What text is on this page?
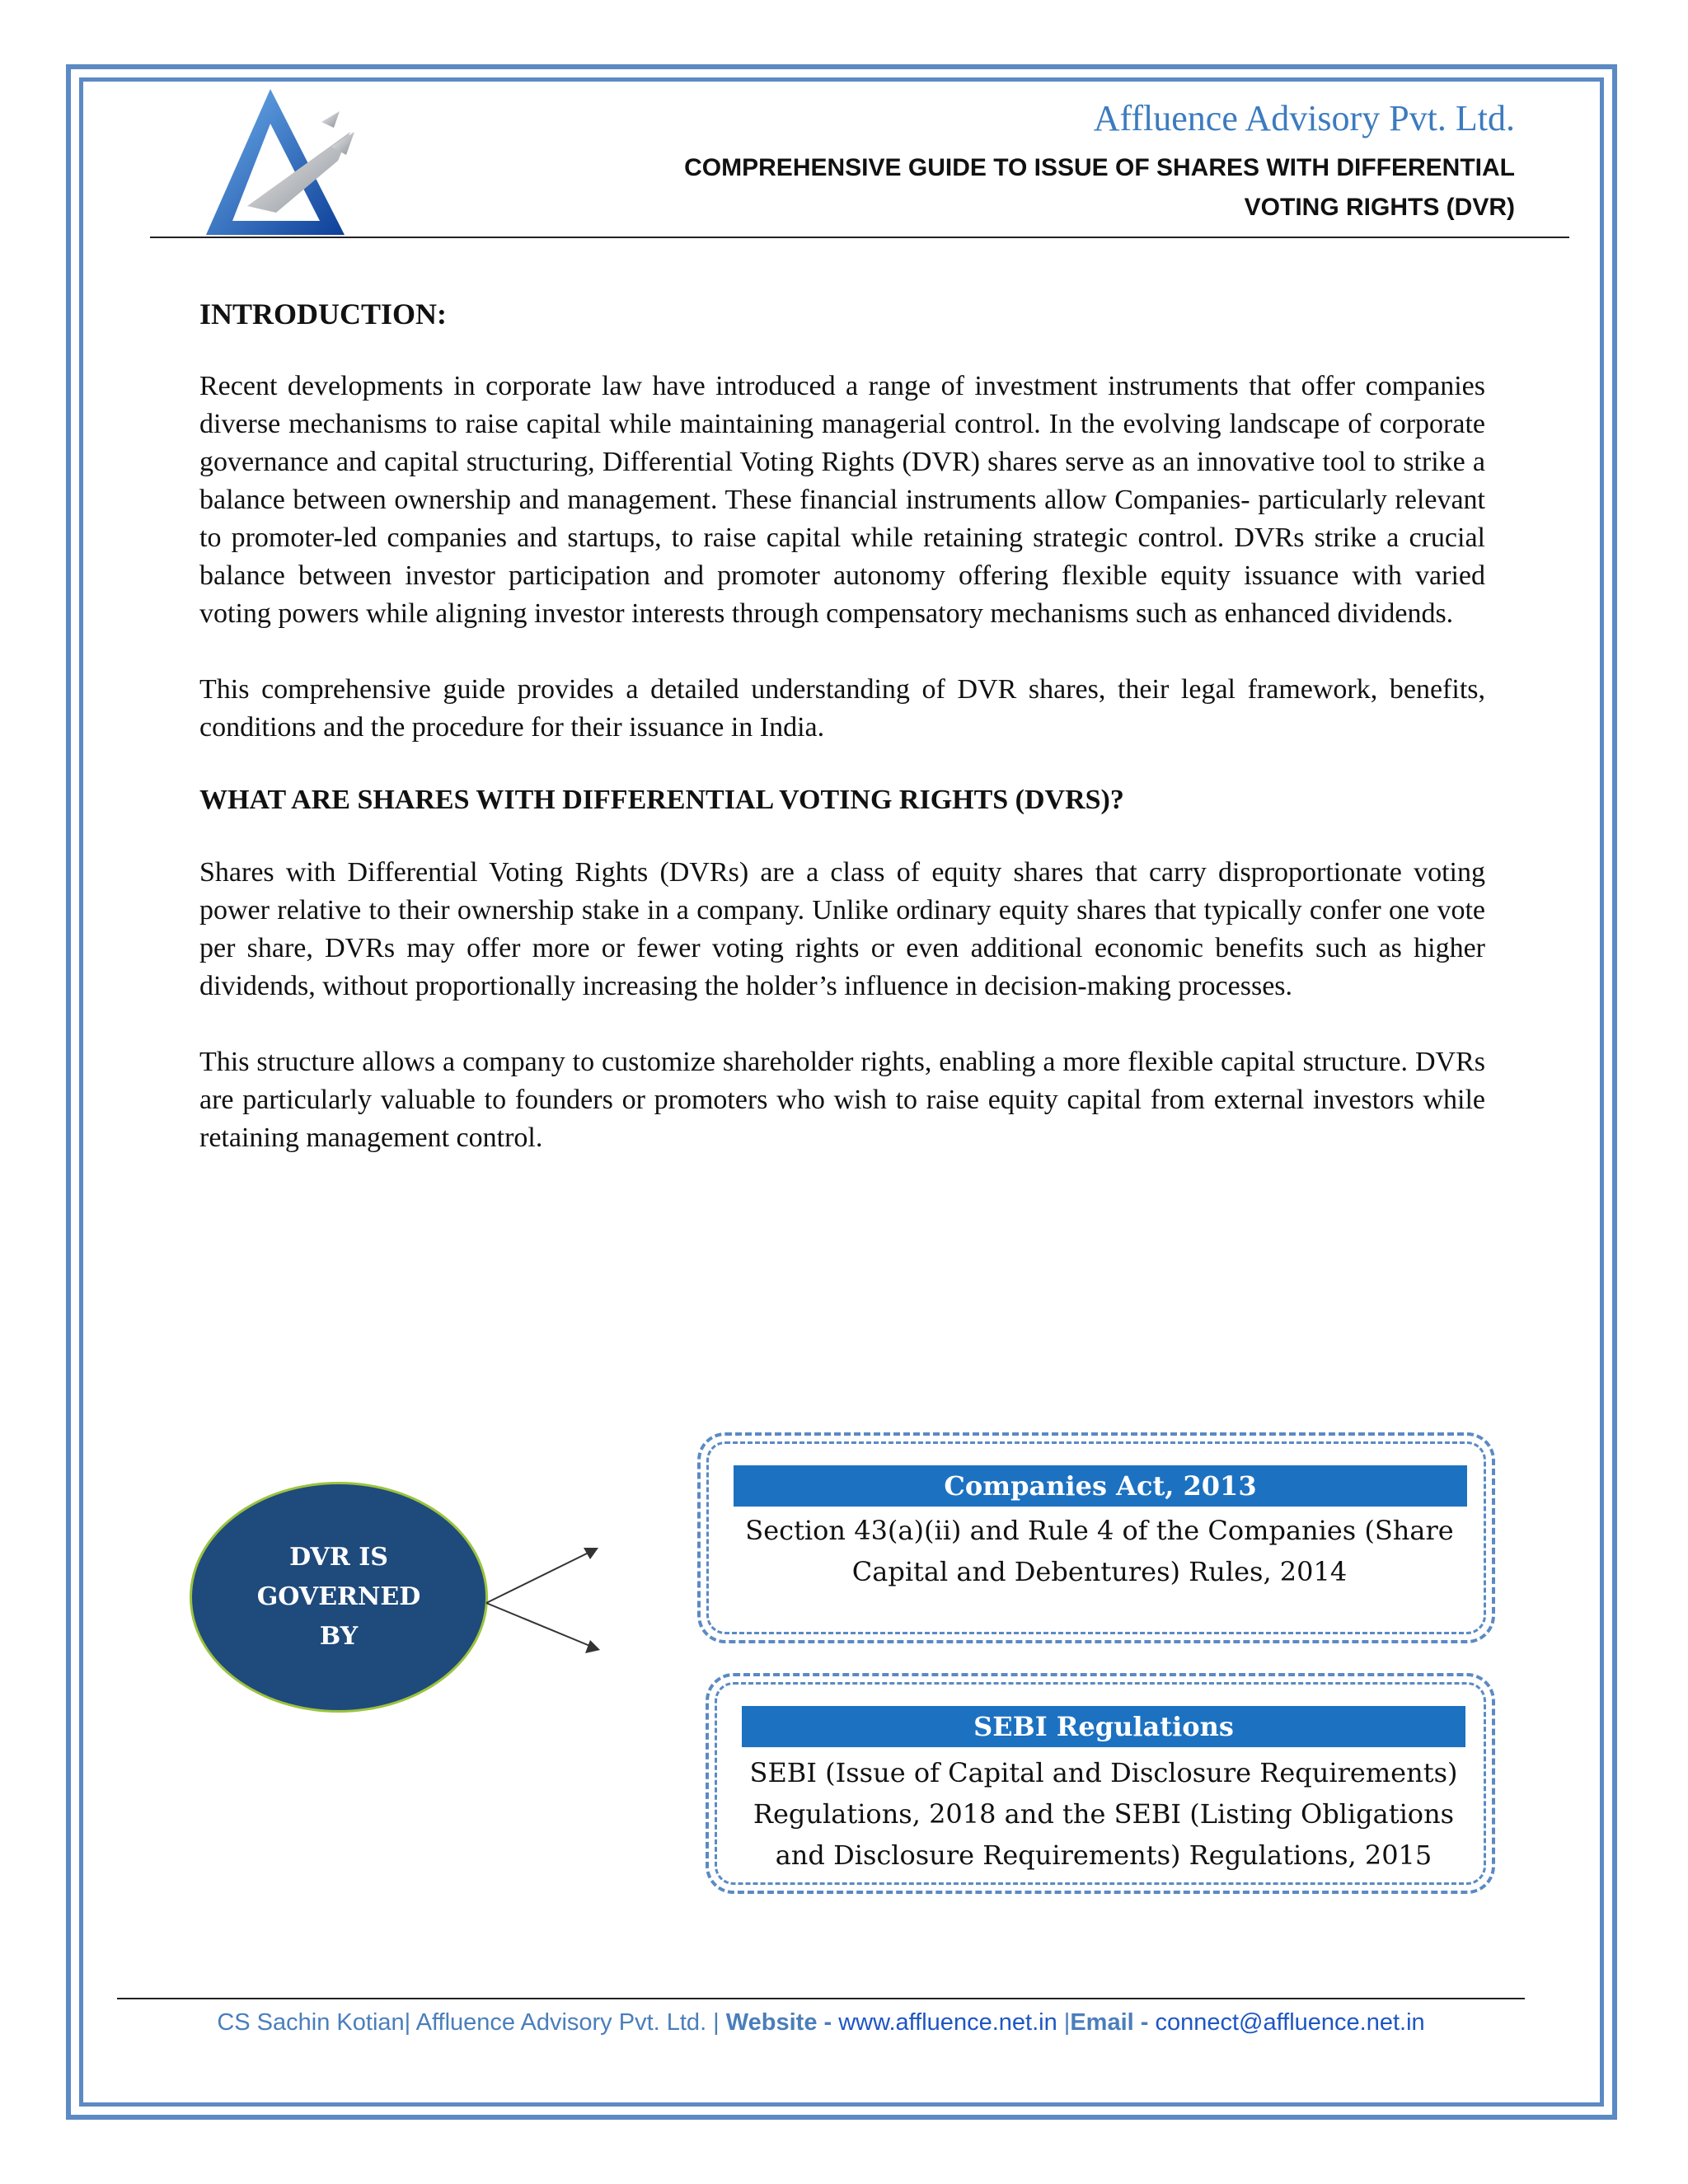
Affluence Advisory Pvt. Ltd.
COMPREHENSIVE GUIDE TO ISSUE OF SHARES WITH DIFFERENTIAL
VOTING RIGHTS (DVR)

INTRODUCTION:

Recent developments in corporate law have introduced a range of investment instruments that offer companies diverse mechanisms to raise capital while maintaining managerial control. In the evolving landscape of corporate governance and capital structuring, Differential Voting Rights (DVR) shares serve as an innovative tool to strike a balance between ownership and management. These financial instruments allow Companies- particularly relevant to promoter-led companies and startups, to raise capital while retaining strategic control. DVRs strike a crucial balance between investor participation and promoter autonomy offering flexible equity issuance with varied voting powers while aligning investor interests through compensatory mechanisms such as enhanced dividends.

This comprehensive guide provides a detailed understanding of DVR shares, their legal framework, benefits, conditions and the procedure for their issuance in India.

WHAT ARE SHARES WITH DIFFERENTIAL VOTING RIGHTS (DVRS)?

Shares with Differential Voting Rights (DVRs) are a class of equity shares that carry disproportionate voting power relative to their ownership stake in a company. Unlike ordinary equity shares that typically confer one vote per share, DVRs may offer more or fewer voting rights or even additional economic benefits such as higher dividends, without proportionally increasing the holder’s influence in decision-making processes.

This structure allows a company to customize shareholder rights, enabling a more flexible capital structure. DVRs are particularly valuable to founders or promoters who wish to raise equity capital from external investors while retaining management control.

DVR IS
GOVERNED
BY
Companies Act, 2013
Section 43(a)(ii) and Rule 4 of the Companies (Share Capital and Debentures) Rules, 2014
SEBI Regulations
SEBI (Issue of Capital and Disclosure Requirements) Regulations, 2018 and the SEBI (Listing Obligations and Disclosure Requirements) Regulations, 2015
CS Sachin Kotian| Affluence Advisory Pvt. Ltd. | Website - www.affluence.net.in |Email - connect@affluence.net.in
